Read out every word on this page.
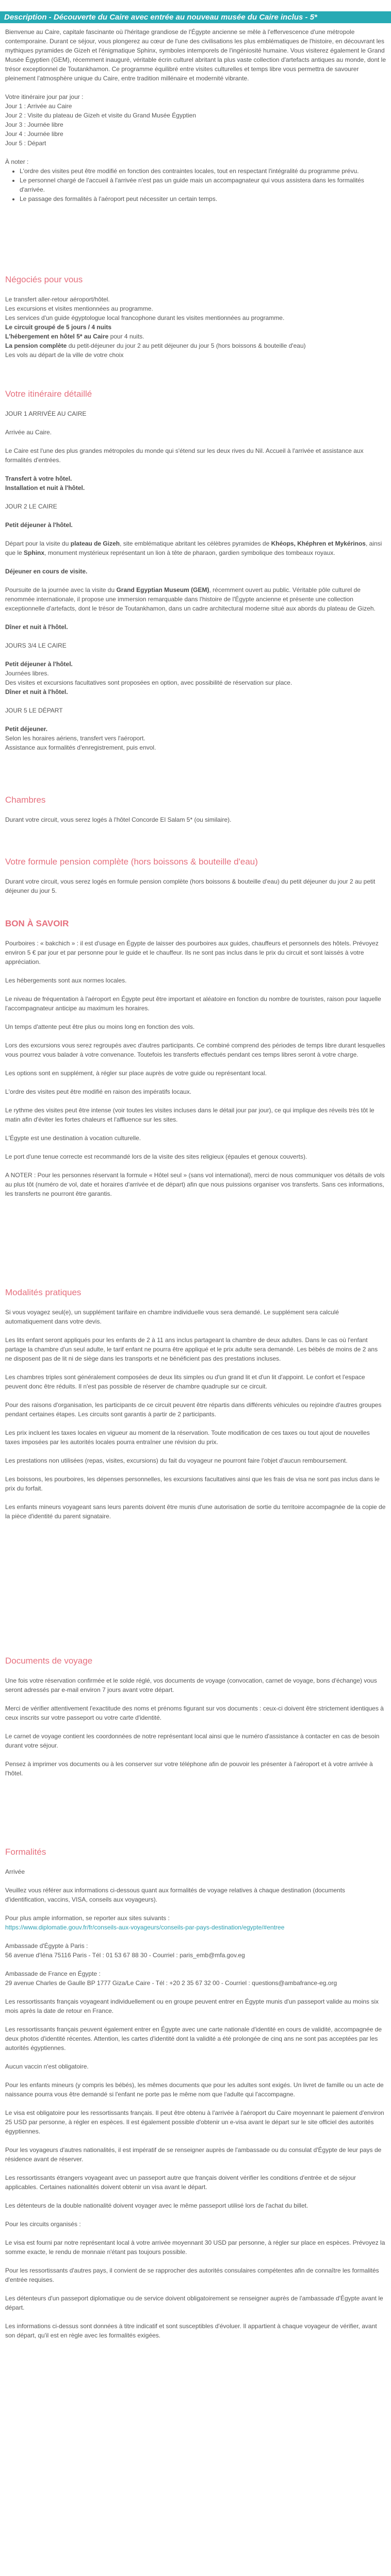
Description - Découverte du Caire avec entrée au nouveau musée du Caire inclus - 5*

Bienvenue au Caire, capitale fascinante où l'héritage grandiose de l'Égypte ancienne se mêle à l'effervescence d'une métropole contemporaine. Durant ce séjour, vous plongerez au cœur de l'une des civilisations les plus emblématiques de l'histoire, en découvrant les mythiques pyramides de Gizeh et l'énigmatique Sphinx, symboles intemporels de l'ingéniosité humaine. Vous visiterez également le Grand Musée Égyptien (GEM), récemment inauguré, véritable écrin culturel abritant la plus vaste collection d'artefacts antiques au monde, dont le trésor exceptionnel de Toutankhamon. Ce programme équilibré entre visites culturelles et temps libre vous permettra de savourer pleinement l'atmosphère unique du Caire, entre tradition millénaire et modernité vibrante.

Votre itinéraire jour par jour :
Jour 1 : Arrivée au Caire
Jour 2 : Visite du plateau de Gizeh et visite du Grand Musée Égyptien
Jour 3 : Journée libre
Jour 4 : Journée libre
Jour 5 : Départ
À noter :
• L'ordre des visites peut être modifié en fonction des contraintes locales, tout en respectant l'intégralité du programme prévu.
• Le personnel chargé de l'accueil à l'arrivée n'est pas un guide mais un accompagnateur qui vous assistera dans les formalités d'arrivée.
• Le passage des formalités à l'aéroport peut nécessiter un certain temps.
Négociés pour vous
Le transfert aller-retour aéroport/hôtel.
Les excursions et visites mentionnées au programme.
Les services d'un guide égyptologue local francophone durant les visites mentionnées au programme.
Le circuit groupé de 5 jours / 4 nuits
L'hébergement en hôtel 5* au Caire pour 4 nuits.
La pension complète du petit-déjeuner du jour 2 au petit déjeuner du jour 5 (hors boissons & bouteille d'eau)
Les vols au départ de la ville de votre choix
Votre itinéraire détaillé

JOUR 1 ARRIVÉE AU CAIRE

Arrivée au Caire.

Le Caire est l'une des plus grandes métropoles du monde qui s'étend sur les deux rives du Nil. Accueil à l'arrivée et assistance aux formalités d'entrées.

Transfert à votre hôtel.
Installation et nuit à l'hôtel.

JOUR 2 LE CAIRE

Petit déjeuner à l'hôtel.

Départ pour la visite du plateau de Gizeh, site emblématique abritant les célèbres pyramides de Khéops, Khéphren et Mykérinos, ainsi que le Sphinx, monument mystérieux représentant un lion à tête de pharaon, gardien symbolique des tombeaux royaux.

Déjeuner en cours de visite.

Poursuite de la journée avec la visite du Grand Egyptian Museum (GEM), récemment ouvert au public. Véritable pôle culturel de renommée internationale, il propose une immersion remarquable dans l'histoire de l'Égypte ancienne et présente une collection exceptionnelle d'artefacts, dont le trésor de Toutankhamon, dans un cadre architectural moderne situé aux abords du plateau de Gizeh.

Dîner et nuit à l'hôtel.

JOURS 3/4 LE CAIRE

Petit déjeuner à l'hôtel.
Journées libres.
Des visites et excursions facultatives sont proposées en option, avec possibilité de réservation sur place.
Dîner et nuit à l'hôtel.

JOUR 5 LE DÉPART

Petit déjeuner.
Selon les horaires aériens, transfert vers l'aéroport.
Assistance aux formalités d'enregistrement, puis envol.
Chambres

Durant votre circuit, vous serez logés à l'hôtel Concorde El Salam 5* (ou similaire).

Votre formule pension complète (hors boissons & bouteille d'eau)

Durant votre circuit, vous serez logés en formule pension complète (hors boissons & bouteille d'eau) du petit déjeuner du jour 2 au petit déjeuner du jour 5.

BON À SAVOIR

Pourboires : « bakchich » : il est d'usage en Égypte de laisser des pourboires aux guides, chauffeurs et personnels des hôtels. Prévoyez environ 5 € par jour et par personne pour le guide et le chauffeur. Ils ne sont pas inclus dans le prix du circuit et sont laissés à votre appréciation.

Les hébergements sont aux normes locales.

Le niveau de fréquentation à l'aéroport en Égypte peut être important et aléatoire en fonction du nombre de touristes, raison pour laquelle l'accompagnateur anticipe au maximum les horaires.

Un temps d'attente peut être plus ou moins long en fonction des vols.

Lors des excursions vous serez regroupés avec d'autres participants. Ce combiné comprend des périodes de temps libre durant lesquelles vous pourrez vous balader à votre convenance. Toutefois les transferts effectués pendant ces temps libres seront à votre charge.

Les options sont en supplément, à régler sur place auprès de votre guide ou représentant local.

L'ordre des visites peut être modifié en raison des impératifs locaux.

Le rythme des visites peut être intense (voir toutes les visites incluses dans le détail jour par jour), ce qui implique des réveils très tôt le matin afin d'éviter les fortes chaleurs et l'affluence sur les sites.

L'Égypte est une destination à vocation culturelle.

Le port d'une tenue correcte est recommandé lors de la visite des sites religieux (épaules et genoux couverts).

A NOTER : Pour les personnes réservant la formule « Hôtel seul » (sans vol international), merci de nous communiquer vos détails de vols au plus tôt (numéro de vol, date et horaires d'arrivée et de départ) afin que nous puissions organiser vos transferts. Sans ces informations, les transferts ne pourront être garantis.

Modalités pratiques

Si vous voyagez seul(e), un supplément tarifaire en chambre individuelle vous sera demandé. Le supplément sera calculé automatiquement dans votre devis.

Les lits enfant seront appliqués pour les enfants de 2 à 11 ans inclus partageant la chambre de deux adultes. Dans le cas où l'enfant partage la chambre d'un seul adulte, le tarif enfant ne pourra être appliqué et le prix adulte sera demandé. Les bébés de moins de 2 ans ne disposent pas de lit ni de siège dans les transports et ne bénéficient pas des prestations incluses.

Les chambres triples sont généralement composées de deux lits simples ou d'un grand lit et d'un lit d'appoint. Le confort et l'espace peuvent donc être réduits. Il n'est pas possible de réserver de chambre quadruple sur ce circuit.

Pour des raisons d'organisation, les participants de ce circuit peuvent être répartis dans différents véhicules ou rejoindre d'autres groupes pendant certaines étapes. Les circuits sont garantis à partir de 2 participants.

Les prix incluent les taxes locales en vigueur au moment de la réservation. Toute modification de ces taxes ou tout ajout de nouvelles taxes imposées par les autorités locales pourra entraîner une révision du prix.

Les prestations non utilisées (repas, visites, excursions) du fait du voyageur ne pourront faire l'objet d'aucun remboursement.

Les boissons, les pourboires, les dépenses personnelles, les excursions facultatives ainsi que les frais de visa ne sont pas inclus dans le prix du forfait.

Les enfants mineurs voyageant sans leurs parents doivent être munis d'une autorisation de sortie du territoire accompagnée de la copie de la pièce d'identité du parent signataire.

Documents de voyage

Une fois votre réservation confirmée et le solde réglé, vos documents de voyage (convocation, carnet de voyage, bons d'échange) vous seront adressés par e-mail environ 7 jours avant votre départ.

Merci de vérifier attentivement l'exactitude des noms et prénoms figurant sur vos documents : ceux-ci doivent être strictement identiques à ceux inscrits sur votre passeport ou votre carte d'identité.

Le carnet de voyage contient les coordonnées de notre représentant local ainsi que le numéro d'assistance à contacter en cas de besoin durant votre séjour.

Pensez à imprimer vos documents ou à les conserver sur votre téléphone afin de pouvoir les présenter à l'aéroport et à votre arrivée à l'hôtel.

Formalités

Arrivée

Veuillez vous référer aux informations ci-dessous quant aux formalités de voyage relatives à chaque destination (documents d'identification, vaccins, VISA, conseils aux voyageurs).

Pour plus ample information, se reporter aux sites suivants :
https://www.diplomatie.gouv.fr/fr/conseils-aux-voyageurs/conseils-par-pays-destination/egypte/#entree
Ambassade d'Égypte à Paris :
56 avenue d'Iéna 75116 Paris - Tél : 01 53 67 88 30 - Courriel : paris_emb@mfa.gov.eg
Ambassade de France en Égypte :
29 avenue Charles de Gaulle BP 1777 Giza/Le Caire - Tél : +20 2 35 67 32 00 - Courriel : questions@ambafrance-eg.org

Les ressortissants français voyageant individuellement ou en groupe peuvent entrer en Égypte munis d'un passeport valide au moins six mois après la date de retour en France.

Les ressortissants français peuvent également entrer en Égypte avec une carte nationale d'identité en cours de validité, accompagnée de deux photos d'identité récentes. Attention, les cartes d'identité dont la validité a été prolongée de cinq ans ne sont pas acceptées par les autorités égyptiennes.

Aucun vaccin n'est obligatoire.

Pour les enfants mineurs (y compris les bébés), les mêmes documents que pour les adultes sont exigés. Un livret de famille ou un acte de naissance pourra vous être demandé si l'enfant ne porte pas le même nom que l'adulte qui l'accompagne.

Le visa est obligatoire pour les ressortissants français. Il peut être obtenu à l'arrivée à l'aéroport du Caire moyennant le paiement d'environ 25 USD par personne, à régler en espèces. Il est également possible d'obtenir un e-visa avant le départ sur le site officiel des autorités égyptiennes.

Pour les voyageurs d'autres nationalités, il est impératif de se renseigner auprès de l'ambassade ou du consulat d'Égypte de leur pays de résidence avant de réserver.

Les ressortissants étrangers voyageant avec un passeport autre que français doivent vérifier les conditions d'entrée et de séjour applicables. Certaines nationalités doivent obtenir un visa avant le départ.

Les détenteurs de la double nationalité doivent voyager avec le même passeport utilisé lors de l'achat du billet.

Pour les circuits organisés :

Le visa est fourni par notre représentant local à votre arrivée moyennant 30 USD par personne, à régler sur place en espèces. Prévoyez la somme exacte, le rendu de monnaie n'étant pas toujours possible.

Pour les ressortissants d'autres pays, il convient de se rapprocher des autorités consulaires compétentes afin de connaître les formalités d'entrée requises.

Les détenteurs d'un passeport diplomatique ou de service doivent obligatoirement se renseigner auprès de l'ambassade d'Égypte avant le départ.

Les informations ci-dessus sont données à titre indicatif et sont susceptibles d'évoluer. Il appartient à chaque voyageur de vérifier, avant son départ, qu'il est en règle avec les formalités exigées.
